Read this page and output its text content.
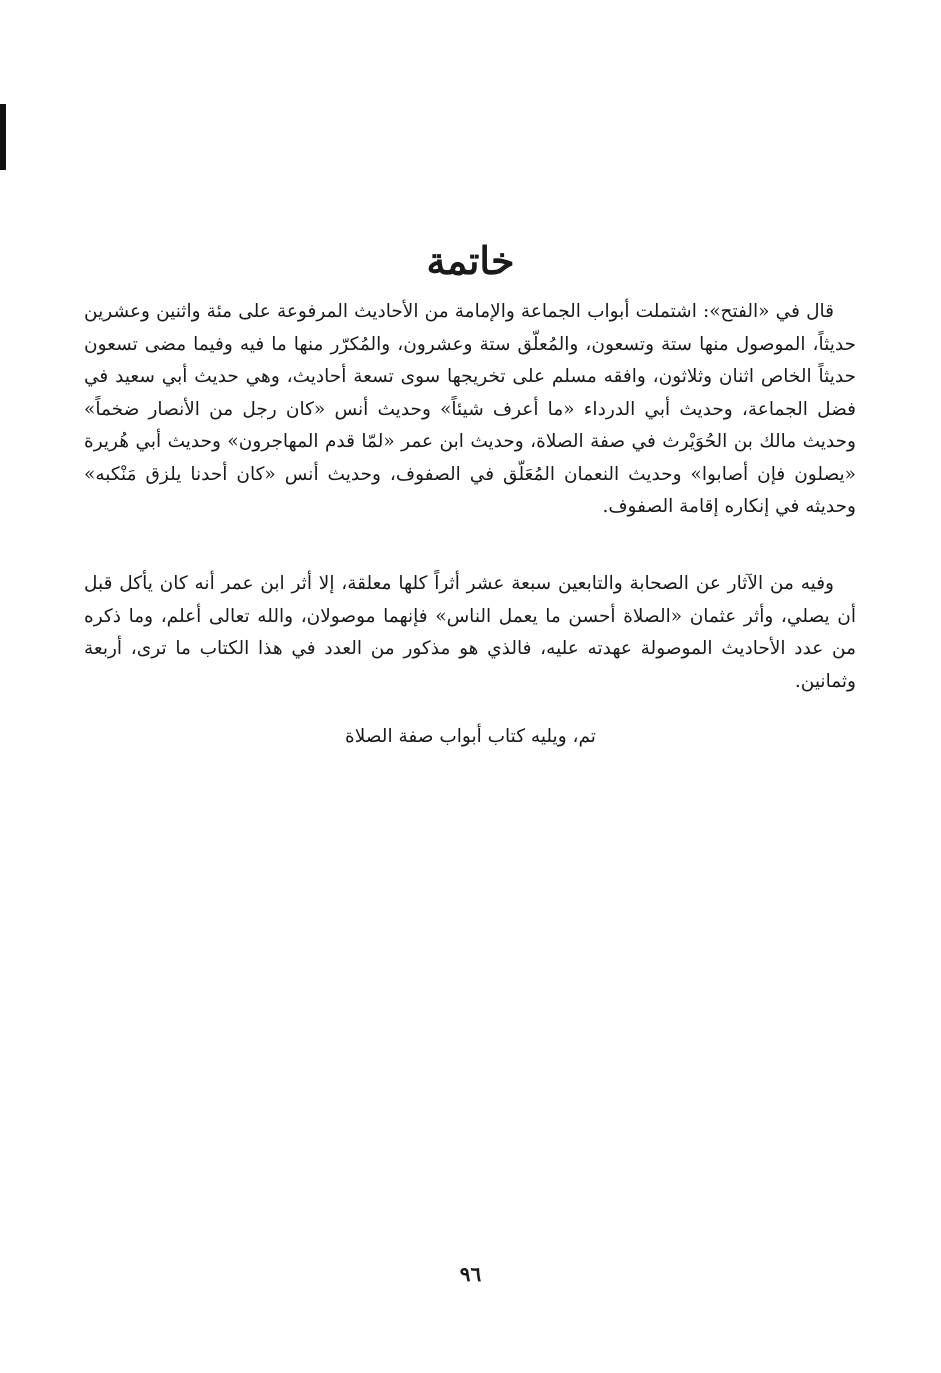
خاتمة

قال في «الفتح»: اشتملت أبواب الجماعة والإمامة من الأحاديث المرفوعة على مئة واثنين وعشرين حديثاً، الموصول منها ستة وتسعون، والمُعلّق ستة وعشرون، والمُكرّر منها ما فيه وفيما مضى تسعون حديثاً الخاص اثنان وثلاثون، وافقه مسلم على تخريجها سوى تسعة أحاديث، وهي حديث أبي سعيد في فضل الجماعة، وحديث أبي الدرداء «ما أعرف شيئاً» وحديث أنس «كان رجل من الأنصار ضخماً» وحديث مالك بن الحُوَيْرث في صفة الصلاة، وحديث ابن عمر «لمّا قدم المهاجرون» وحديث أبي هُريرة «يصلون فإن أصابوا» وحديث النعمان المُعَلّق في الصفوف، وحديث أنس «كان أحدنا يلزق مَنْكبه» وحديثه في إنكاره إقامة الصفوف.

وفيه من الآثار عن الصحابة والتابعين سبعة عشر أثراً كلها معلقة، إلا أثر ابن عمر أنه كان يأكل قبل أن يصلي، وأثر عثمان «الصلاة أحسن ما يعمل الناس» فإنهما موصولان، والله تعالى أعلم، وما ذكره من عدد الأحاديث الموصولة عهدته عليه، فالذي هو مذكور من العدد في هذا الكتاب ما ترى، أربعة وثمانين.

تم، ويليه كتاب أبواب صفة الصلاة
٩٦
